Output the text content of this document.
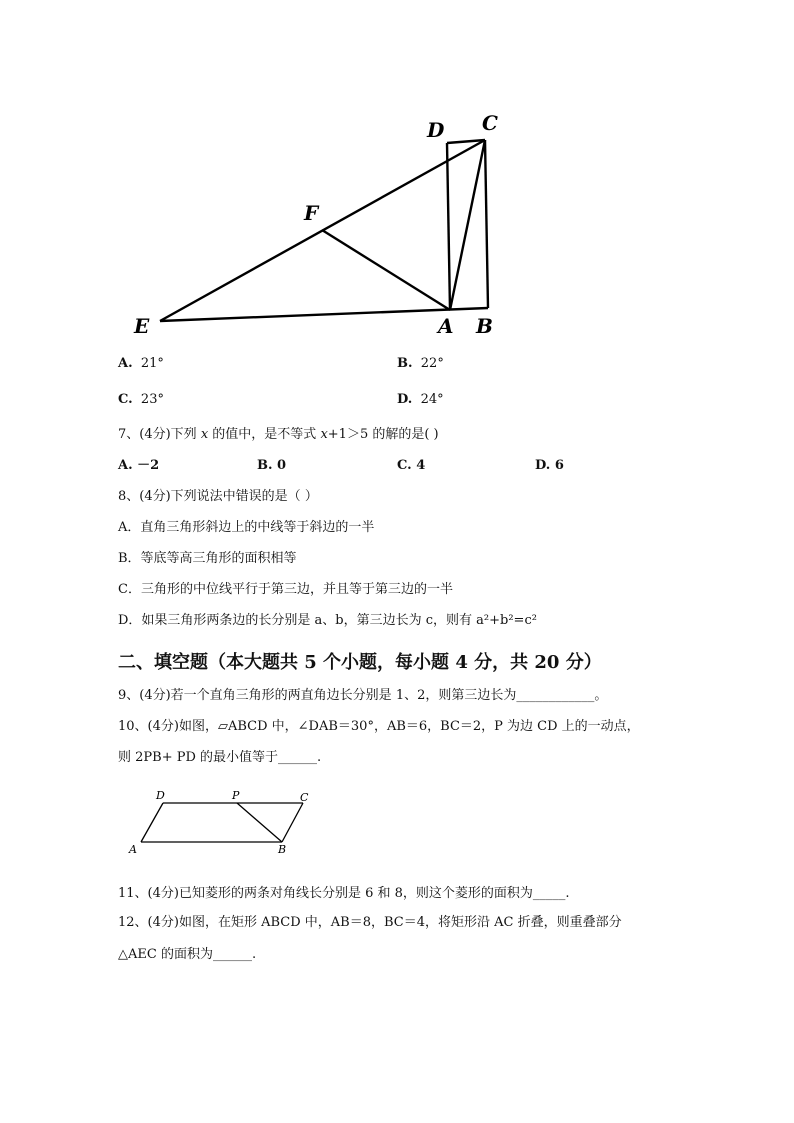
D C
F
E	A B
A. 21°	B. 22°
C. 23°	D. 24°
7、(4分)下列 x 的值中，是不等式 x+1＞5 的解的是( )
A. －2	B. 0	C. 4	D. 6
8、(4分)下列说法中错误的是（ ）
A．直角三角形斜边上的中线等于斜边的一半
B．等底等高三角形的面积相等
C．三角形的中位线平行于第三边，并且等于第三边的一半
D．如果三角形两条边的长分别是 a、b，第三边长为 c，则有 a²+b²=c²
二、填空题（本大题共 5 个小题，每小题 4 分，共 20 分）
9、(4分)若一个直角三角形的两直角边长分别是 1、2，则第三边长为____________。
10、(4分)如图，▱ABCD 中，∠DAB＝30°，AB＝6，BC＝2，P 为边 CD 上的一动点，
则 2PB+ PD 的最小值等于______.
D	P	C
A	B
11、(4分)已知菱形的两条对角线长分别是 6 和 8，则这个菱形的面积为_____.
12、(4分)如图，在矩形 ABCD 中，AB＝8，BC＝4，将矩形沿 AC 折叠，则重叠部分
△AEC 的面积为______.
